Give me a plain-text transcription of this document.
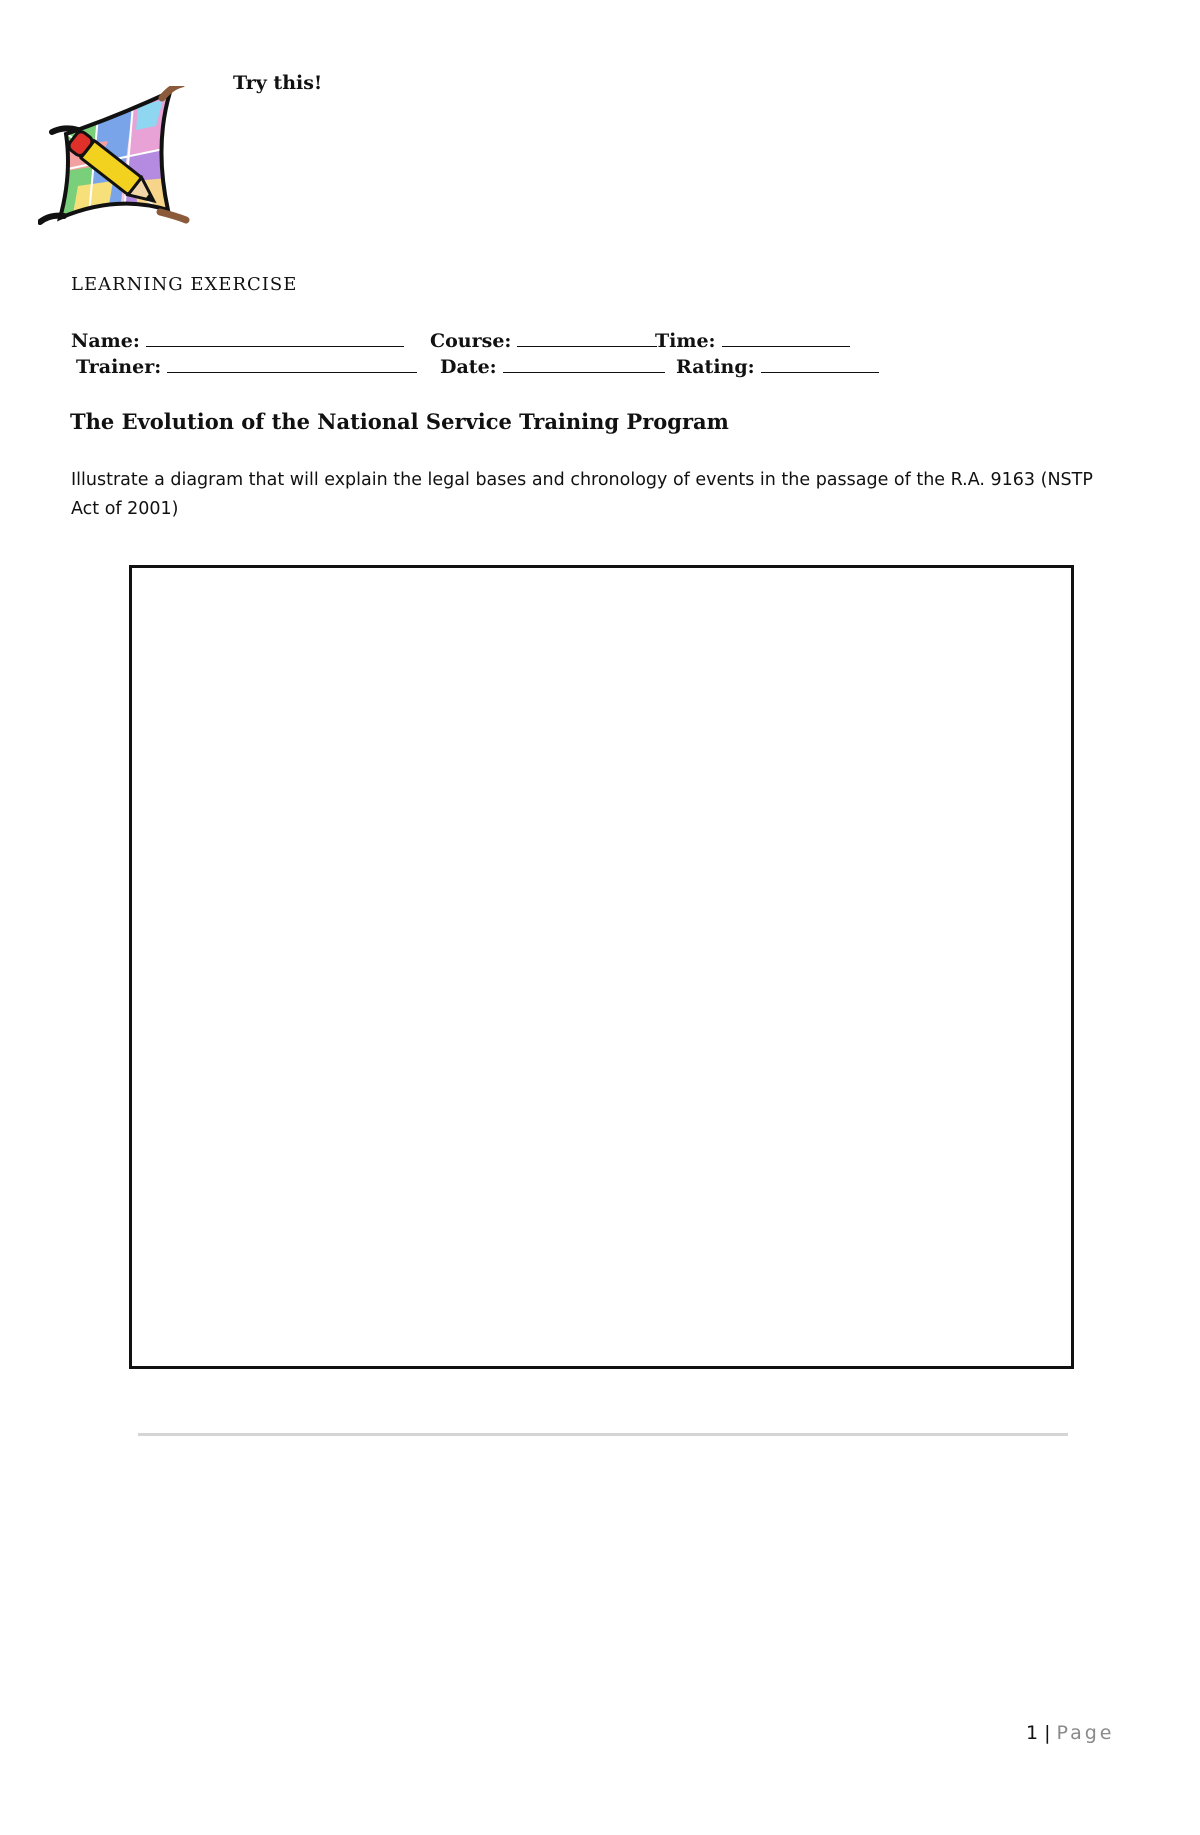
Try this!
LEARNING EXERCISE
Name:	Course:	Time:
Trainer:	Date:	Rating:
The Evolution of the National Service Training Program
Illustrate a diagram that will explain the legal bases and chronology of events in the passage of the R.A. 9163 (NSTP Act of 2001)
1 | Page
